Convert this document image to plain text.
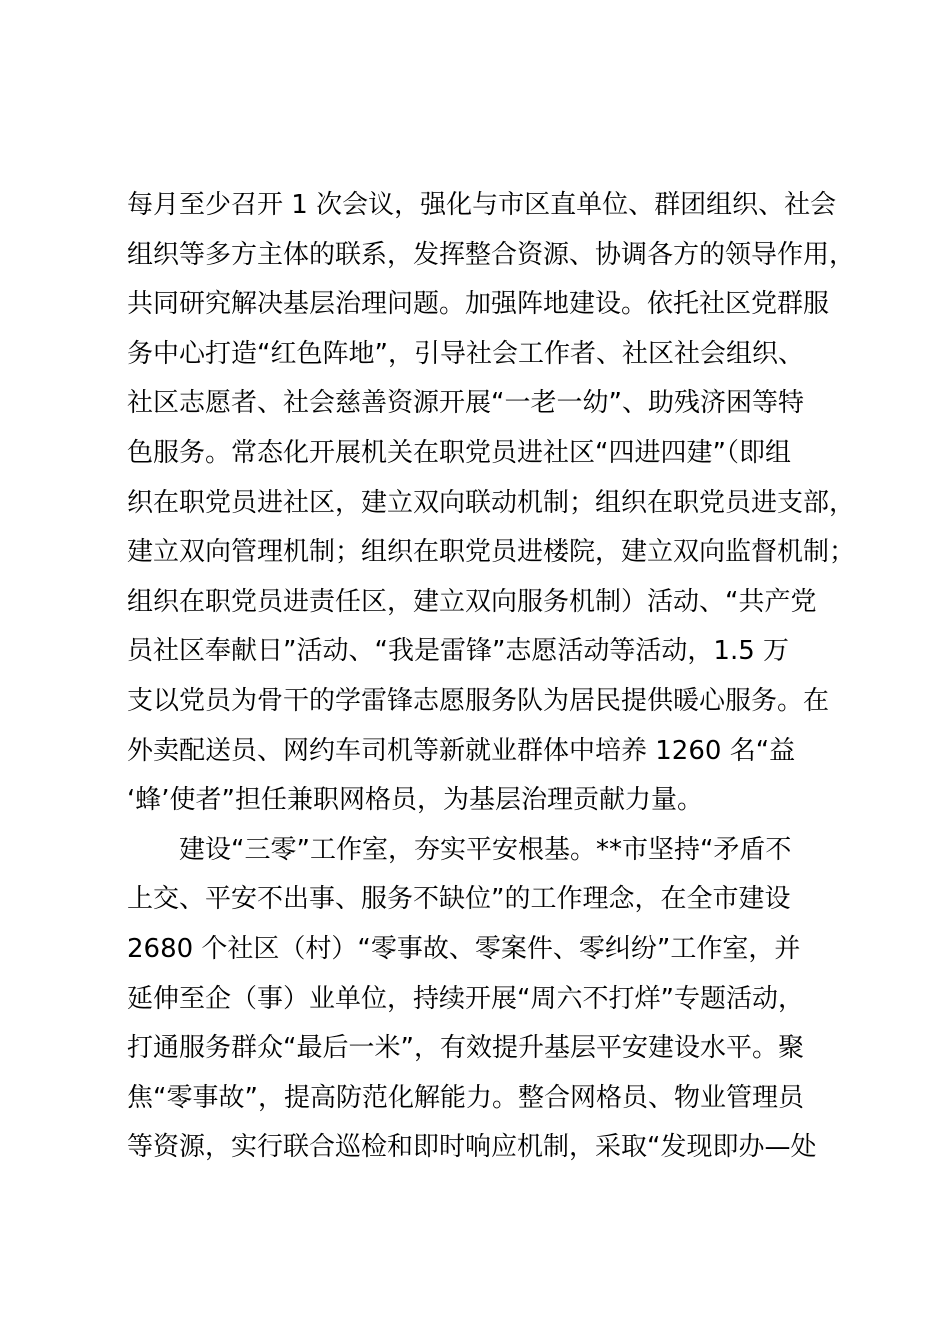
每月至少召开 1 次会议，强化与市区直单位、群团组织、社会
组织等多方主体的联系，发挥整合资源、协调各方的领导作用，
共同研究解决基层治理问题。加强阵地建设。依托社区党群服
务中心打造“红色阵地”，引导社会工作者、社区社会组织、
社区志愿者、社会慈善资源开展“一老一幼”、助残济困等特
色服务。常态化开展机关在职党员进社区“四进四建”（即组
织在职党员进社区，建立双向联动机制；组织在职党员进支部，
建立双向管理机制；组织在职党员进楼院，建立双向监督机制；
组织在职党员进责任区，建立双向服务机制）活动、“共产党
员社区奉献日”活动、“我是雷锋”志愿活动等活动，1.5 万
支以党员为骨干的学雷锋志愿服务队为居民提供暖心服务。在
外卖配送员、网约车司机等新就业群体中培养 1260 名“益
‘蜂’使者”担任兼职网格员，为基层治理贡献力量。
建设“三零”工作室，夯实平安根基。**市坚持“矛盾不
上交、平安不出事、服务不缺位”的工作理念，在全市建设
2680 个社区（村）“零事故、零案件、零纠纷”工作室，并
延伸至企（事）业单位，持续开展“周六不打烊”专题活动，
打通服务群众“最后一米”，有效提升基层平安建设水平。聚
焦“零事故”，提高防范化解能力。整合网格员、物业管理员
等资源，实行联合巡检和即时响应机制，采取“发现即办—处
